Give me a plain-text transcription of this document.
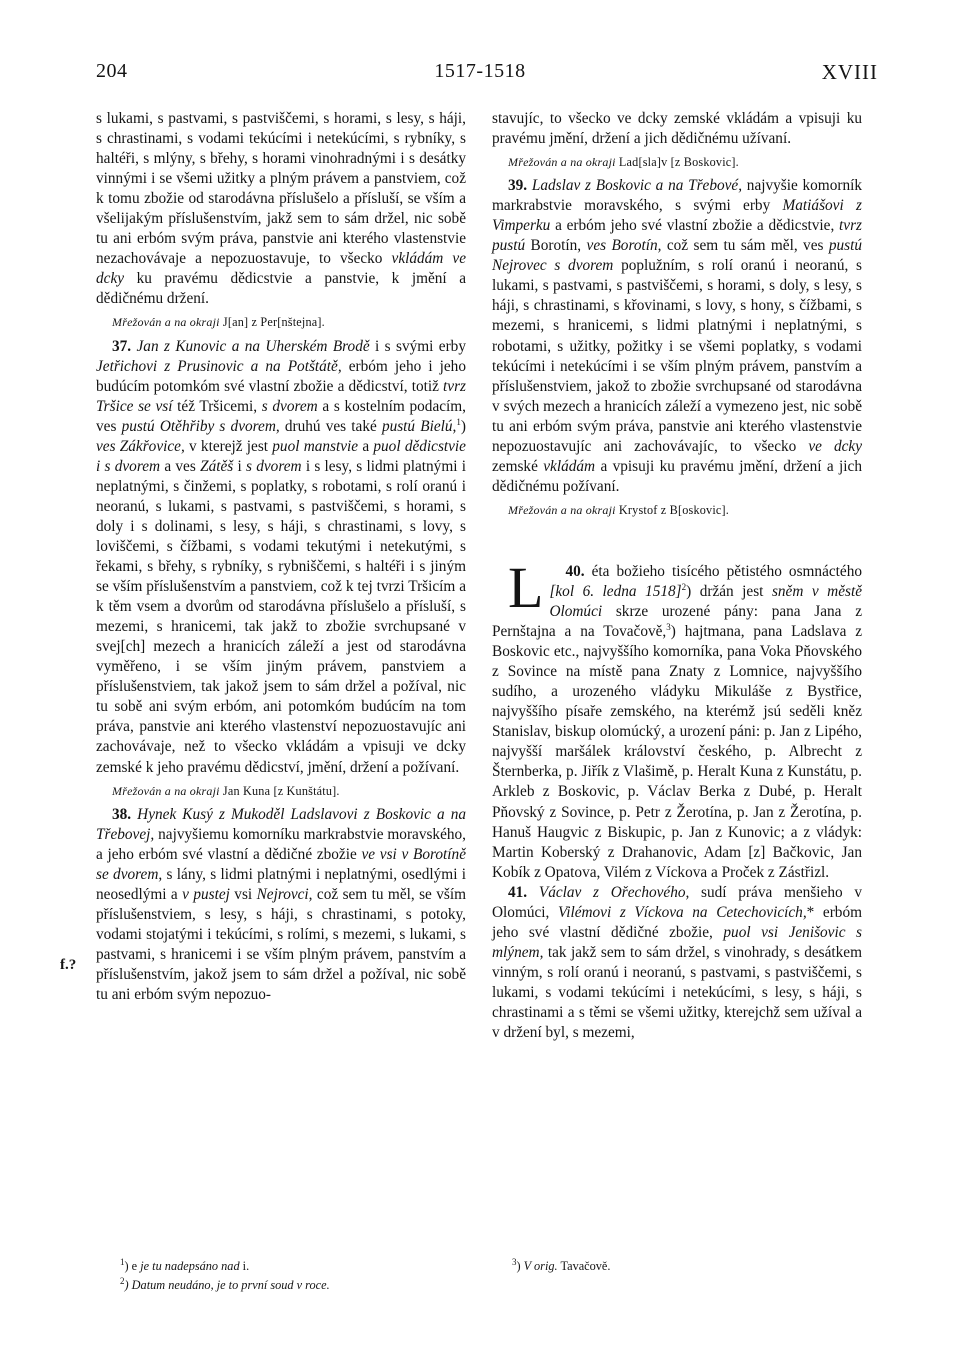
204	1517-1518	XVIII

s lukami, s pastvami, s pastviščemi, s horami, s lesy, s háji, s chrastinami, s vodami tekúcími i netekúcími, s rybníky, s haltéři, s mlýny, s břehy, s horami vinohradnými i s desátky vinnými i se všemi užitky a plným právem a panstviem, což k tomu zbožie od starodávna příslušelo a přísluší, se vším a všelijakým příslušenstvím, jakž sem to sám držel, nic sobě tu ani erbóm svým práva, panstvie ani kterého vlastenstvie nezachovávaje a nepozuostavuje, to všecko vkládám ve dcky ku pravému dědicstvie a panstvie, k jmění a dědičnému držení.

Mřežován a na okraji J[an] z Per[nštejna].

37. Jan z Kunovic a na Uherském Brodě i s svými erby Jetřichovi z Prusinovic a na Potštátě, erbóm jeho i jeho budúcím potomkóm své vlastní zbožie a dědicství, totiž tvrz Tršice se vsí též Tršicemi, s dvorem a s kostelním podacím, ves pustú Otěhřiby s dvorem, druhú ves také pustú Bielú,$^1$) ves Zákřovice, v kterejž jest puol manstvie a puol dědicstvie i s dvorem a ves Zátěš i s dvorem i s lesy, s lidmi platnými i neplatnými, s činžemi, s poplatky, s robotami, s rolí oranú i neoranú, s lukami, s pastvami, s pastviščemi, s horami, s doly i s dolinami, s lesy, s háji, s chrastinami, s lovy, s loviščemi, s čížbami, s vodami tekutými i netekutými, s řekami, s břehy, s rybníky, s rybniščemi, s haltéři i s jiným se vším příslušenstvím a panstviem, což k tej tvrzi Tršicím a k těm vsem a dvorům od starodávna příslušelo a přísluší, s mezemi, s hranicemi, tak jakž to zbožie svrchupsané v svej[ch] mezech a hranicích záleží a jest od starodávna vyměřeno, i se vším jiným právem, panstviem a příslušenstviem, tak jakož jsem to sám držel a požíval, nic tu sobě ani svým erbóm, ani potomkóm budúcím na tom práva, panstvie ani kterého vlastenství nepozuostavujíc ani zachovávaje, než to všecko vkládám a vpisuji ve dcky zemské k jeho pravému dědicství, jmění, držení a požívaní.

Mřežován a na okraji Jan Kuna [z Kunštátu].

38. Hynek Kusý z Mukoděl Ladslavovi z Boskovic a na Třebovej, najvyšiemu komorníku markrabstvie moravského, a jeho erbóm své vlastní a dědičné zbožie ve vsi v Borotíně se dvorem, s lány, s lidmi platnými i neplatnými, osedlými i neosedlými a v pustej vsi Nejrovci, což sem tu měl, se vším příslušenstviem, s lesy, s háji, s chrastinami, s potoky, vodami stojatými i tekúcími, s rolími, s mezemi, s lukami, s pastvami, s hranicemi i se vším plným právem, panstvím a příslušenstvím, jakož jsem to sám držel a požíval, nic sobě tu ani erbóm svým nepozuo-

f.?

stavujíc, to všecko ve dcky zemské vkládám a vpisuji ku pravému jmění, držení a jich dědičnému užívaní.

Mřežován a na okraji Lad[sla]v [z Boskovic].

39. Ladslav z Boskovic a na Třebové, najvyšie komorník markrabstvie moravského, s svými erby Matiášovi z Vimperku a erbóm jeho své vlastní zbožie a dědicstvie, tvrz pustú Borotín, ves Borotín, což sem tu sám měl, ves pustú Nejrovec s dvorem poplužním, s rolí oranú i neoranú, s lukami, s pastvami, s pastviščemi, s horami, s doly, s lesy, s háji, s chrastinami, s křovinami, s lovy, s hony, s čížbami, s mezemi, s hranicemi, s lidmi platnými i neplatnými, s robotami, s užitky, požitky i se všemi poplatky, s vodami tekúcími i netekúcími i se vším plným právem, panstvím a příslušenstviem, jakož to zbožie svrchupsané od starodávna v svých mezech a hranicích záleží a vymezeno jest, nic sobě tu ani erbóm svým práva, panstvie ani kterého vlastenstvie nepozuostavujíc ani zachovávajíc, to všecko ve dcky zemské vkládám a vpisuji ku pravému jmění, držení a jich dědičnému požívaní.

Mřežován a na okraji Krystof z B[oskovic].

40.
L	éta božieho tisícého pětistého osmnáctého [kol 6. ledna 1518]$^2$) držán jest sněm v městě Olomúci skrze urozené pány: pana Jana z Pernštajna a na Tovačově,$^3$) hajtmana, pana Ladslava z Boskovic etc., najvyššího komorníka, pana Voka Pňovského z Sovince na místě pana Znaty z Lomnice, najvyššího sudího, a urozeného vládyku Mikuláše z Bystřice, najvyššího písaře zemského, na kterémž jsú seděli kněz Stanislav, biskup olomúcký, a urození páni: p. Jan z Lipého, najvyšší maršálek království českého, p. Albrecht z Šternberka, p. Jiřík z Vlašimě, p. Heralt Kuna z Kunstátu, p. Arkleb z Boskovic, p. Václav Berka z Dubé, p. Heralt Pňovský z Sovince, p. Petr z Žerotína, p. Jan z Žerotína, p. Hanuš Haugvic z Biskupic, p. Jan z Kunovic; a z vládyk: Martin Koberský z Drahanovic, Adam [z] Bačkovic, Jan Kobík z Opatova, Vilém z Víckova a Proček z Zástřizl.

41. Václav z Ořechového, sudí práva menšieho v Olomúci, Vilémovi z Víckova na Cetechovicích,* erbóm jeho své vlastní dědičné zbožie, puol vsi Jenišovic s mlýnem, tak jakž sem to sám držel, s vinohrady, s desátkem vinným, s rolí oranú i neoranú, s pastvami, s pastviščemi, s lukami, s vodami tekúcími i netekúcími, s lesy, s háji, s chrastinami a s těmi se všemi užitky, kterejchž sem užíval a v držení byl, s mezemi,

$^1$) e je tu nadepsáno nad i.
$^2$) Datum neudáno, je to první soud v roce.
$^3$) V orig. Tavačově.
